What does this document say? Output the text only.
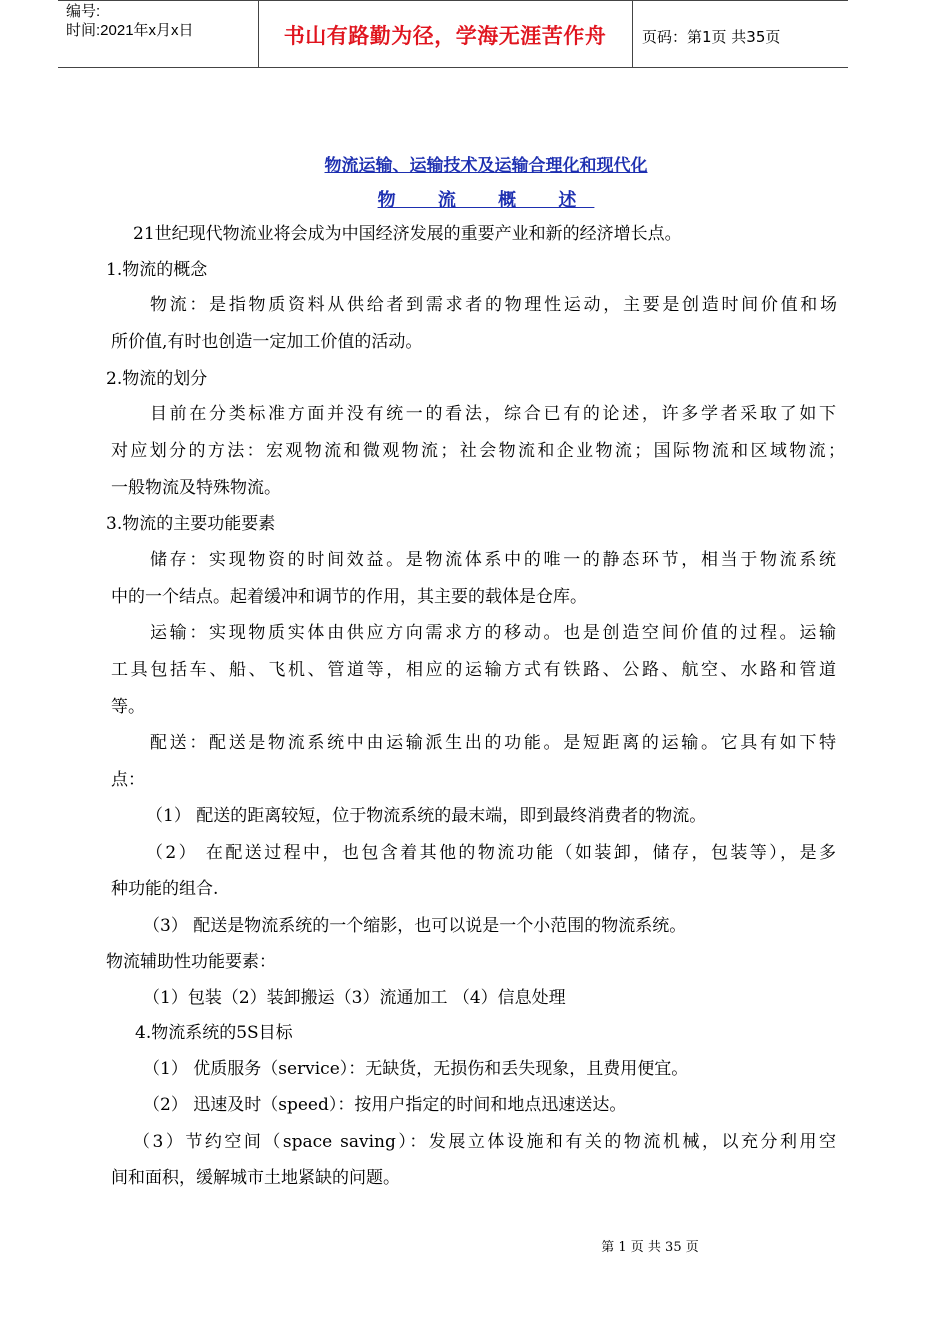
编号:
时间:2021年x月x日	书山有路勤为径，学海无涯苦作舟	页码：第1页 共35页
物流运输、运输技术及运输合理化和现代化
物 流 概 述
21世纪现代物流业将会成为中国经济发展的重要产业和新的经济增长点。
1.物流的概念
物流：是指物质资料从供给者到需求者的物理性运动，主要是创造时间价值和场
所价值,有时也创造一定加工价值的活动。
2.物流的划分
目前在分类标准方面并没有统一的看法，综合已有的论述，许多学者采取了如下
对应划分的方法：宏观物流和微观物流；社会物流和企业物流；国际物流和区域物流；
一般物流及特殊物流。
3.物流的主要功能要素
储存：实现物资的时间效益。是物流体系中的唯一的静态环节，相当于物流系统
中的一个结点。起着缓冲和调节的作用，其主要的载体是仓库。
运输：实现物质实体由供应方向需求方的移动。也是创造空间价值的过程。运输
工具包括车、船、飞机、管道等，相应的运输方式有铁路、公路、航空、水路和管道
等。
配送：配送是物流系统中由运输派生出的功能。是短距离的运输。它具有如下特
点：
（1） 配送的距离较短，位于物流系统的最末端，即到最终消费者的物流。
（2） 在配送过程中，也包含着其他的物流功能（如装卸，储存，包装等），是多
种功能的组合.
（3） 配送是物流系统的一个缩影，也可以说是一个小范围的物流系统。
物流辅助性功能要素：
（1）包装（2）装卸搬运（3）流通加工 （4）信息处理
4.物流系统的5S目标
（1） 优质服务（service）：无缺货，无损伤和丢失现象，且费用便宜。
（2） 迅速及时（speed）：按用户指定的时间和地点迅速送达。
（3）节约空间（space saving）：发展立体设施和有关的物流机械，以充分利用空
间和面积，缓解城市土地紧缺的问题。
第 1 页 共 35 页
